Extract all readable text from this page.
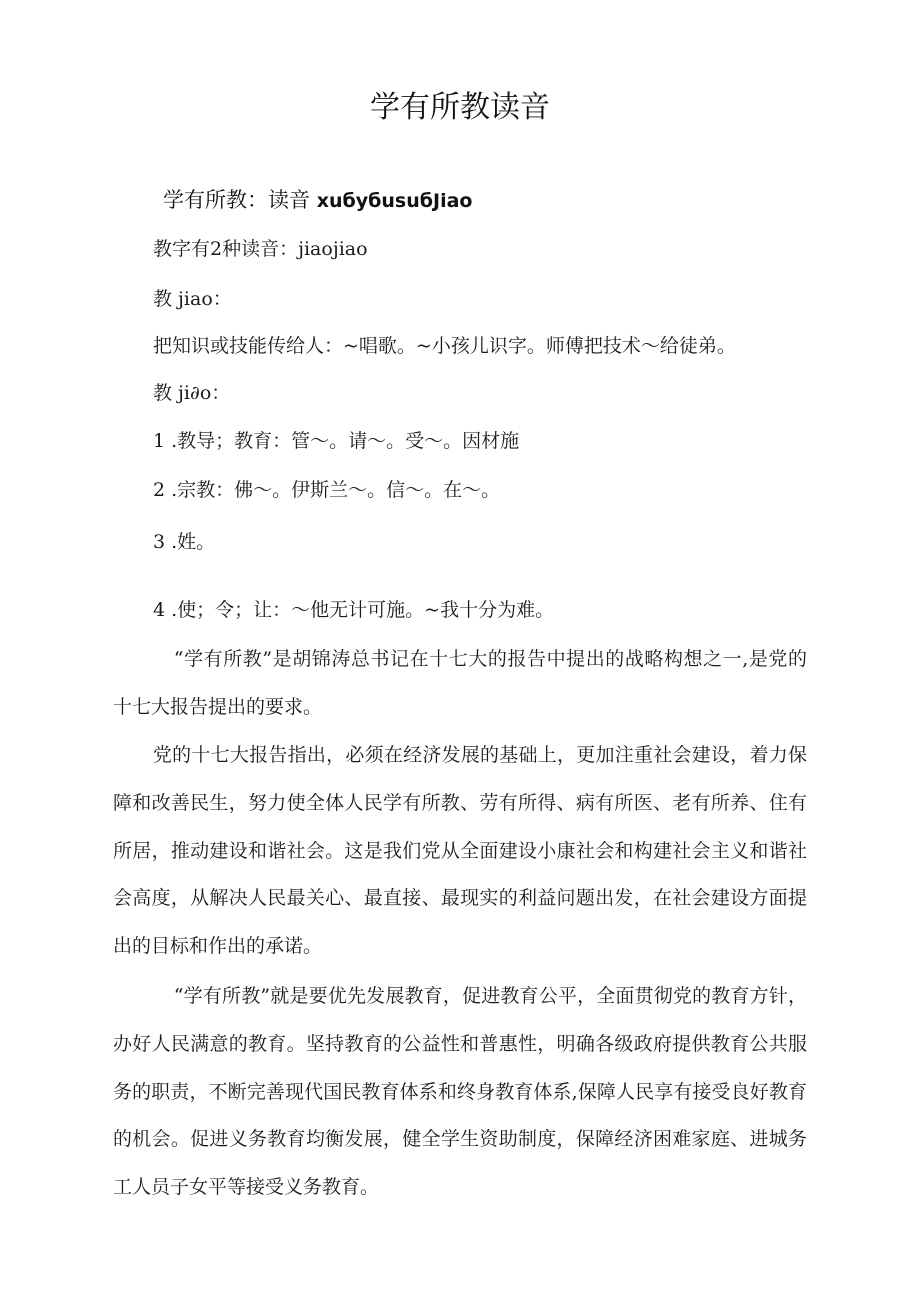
学有所教读音
学有所教：读音 xuбyбusuбJiao
教字有2种读音：jiaojiao
教 jiao：
把知识或技能传给人：~唱歌。~小孩儿识字。师傅把技术～给徒弟。
教 ji∂o：
1 .教导；教育：管～。请～。受～。因材施
2 .宗教：佛～。伊斯兰～。信～。在～。
3 .姓。
4 .使；令；让：～他无计可施。~我十分为难。

“学有所教”是胡锦涛总书记在十七大的报告中提出的战略构想之一,是党的十七大报告提出的要求。

党的十七大报告指出，必须在经济发展的基础上，更加注重社会建设，着力保障和改善民生，努力使全体人民学有所教、劳有所得、病有所医、老有所养、住有所居，推动建设和谐社会。这是我们党从全面建设小康社会和构建社会主义和谐社会高度，从解决人民最关心、最直接、最现实的利益问题出发，在社会建设方面提出的目标和作出的承诺。

“学有所教”就是要优先发展教育，促进教育公平，全面贯彻党的教育方针，办好人民满意的教育。坚持教育的公益性和普惠性，明确各级政府提供教育公共服务的职责，不断完善现代国民教育体系和终身教育体系,保障人民享有接受良好教育的机会。促进义务教育均衡发展，健全学生资助制度，保障经济困难家庭、进城务工人员子女平等接受义务教育。
